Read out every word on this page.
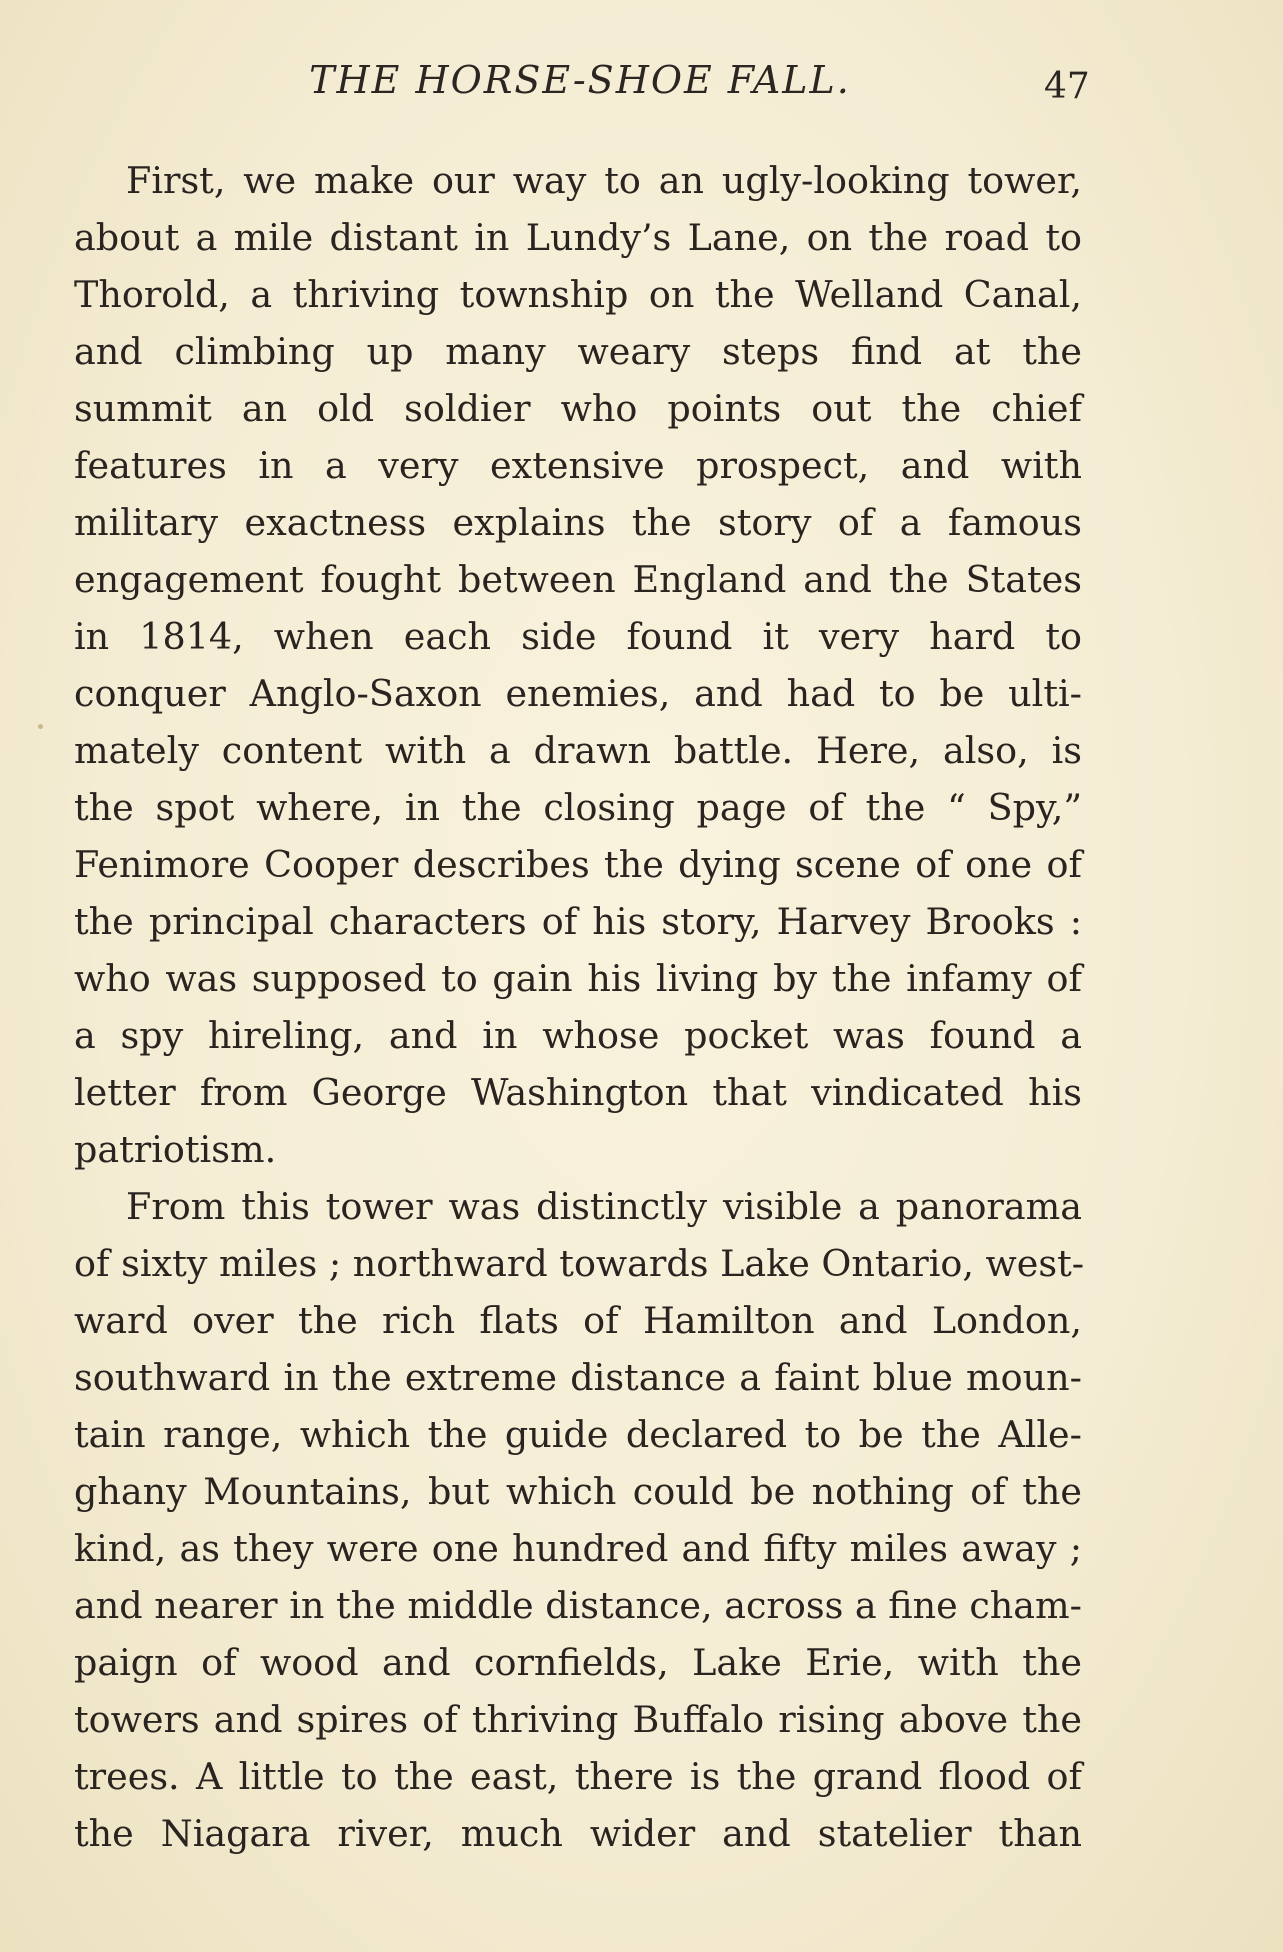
THE HORSE-SHOE FALL.	47
First, we make our way to an ugly-looking tower,
about a mile distant in Lundy’s Lane, on the road to
Thorold, a thriving township on the Welland Canal,
and climbing up many weary steps find at the
summit an old soldier who points out the chief
features in a very extensive prospect, and with
military exactness explains the story of a famous
engagement fought between England and the States
in 1814, when each side found it very hard to
conquer Anglo-Saxon enemies, and had to be ulti-
mately content with a drawn battle. Here, also, is
the spot where, in the closing page of the “ Spy,”
Fenimore Cooper describes the dying scene of one of
the principal characters of his story, Harvey Brooks :
who was supposed to gain his living by the infamy of
a spy hireling, and in whose pocket was found a
letter from George Washington that vindicated his
patriotism.
From this tower was distinctly visible a panorama
of sixty miles ; northward towards Lake Ontario, west-
ward over the rich flats of Hamilton and London,
southward in the extreme distance a faint blue moun-
tain range, which the guide declared to be the Alle-
ghany Mountains, but which could be nothing of the
kind, as they were one hundred and fifty miles away ;
and nearer in the middle distance, across a fine cham-
paign of wood and cornfields, Lake Erie, with the
towers and spires of thriving Buffalo rising above the
trees. A little to the east, there is the grand flood of
the Niagara river, much wider and statelier than
